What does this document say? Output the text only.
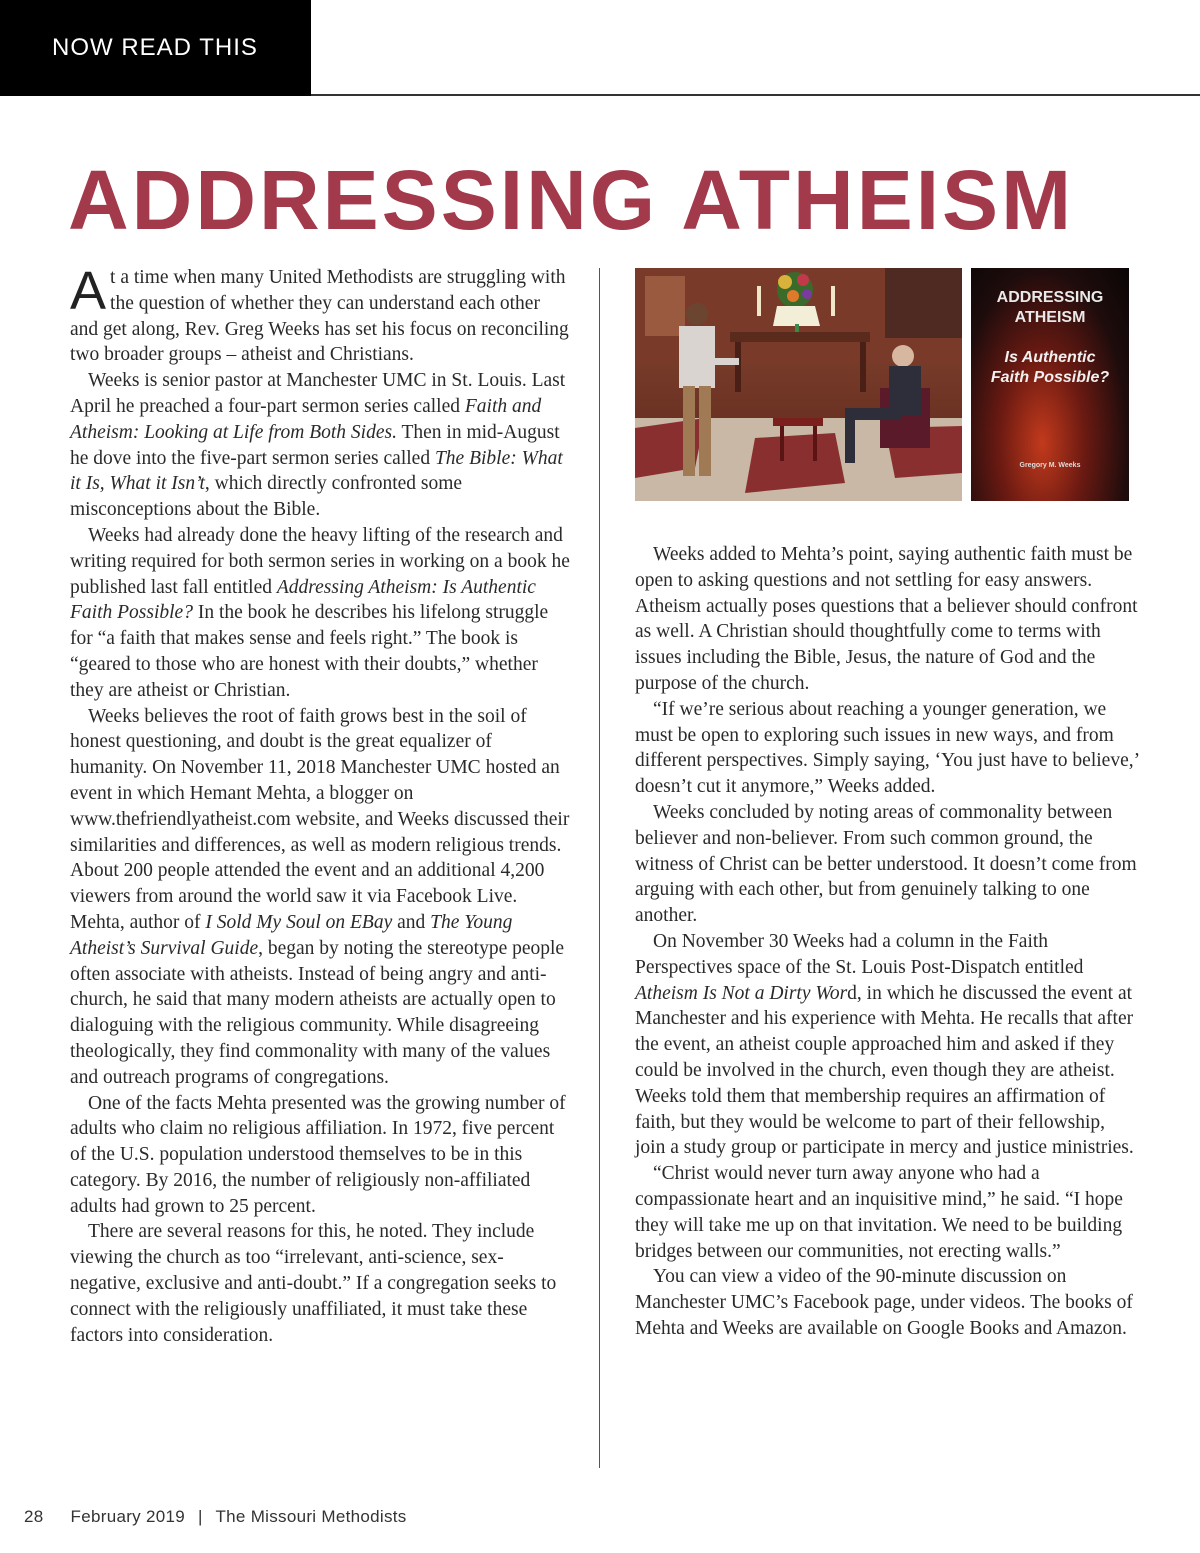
NOW READ THIS
ADDRESSING ATHEISM

At a time when many United Methodists are struggling with the question of whether they can understand each other and get along, Rev. Greg Weeks has set his focus on reconciling two broader groups – atheist and Christians.

Weeks is senior pastor at Manchester UMC in St. Louis. Last April he preached a four-part sermon series called Faith and Atheism: Looking at Life from Both Sides. Then in mid-August he dove into the five-part sermon series called The Bible: What it Is, What it Isn’t, which directly confronted some misconceptions about the Bible.

Weeks had already done the heavy lifting of the research and writing required for both sermon series in working on a book he published last fall entitled Addressing Atheism: Is Authentic Faith Possible? In the book he describes his lifelong struggle for “a faith that makes sense and feels right.” The book is “geared to those who are honest with their doubts,” whether they are atheist or Christian.

Weeks believes the root of faith grows best in the soil of honest questioning, and doubt is the great equalizer of humanity. On November 11, 2018 Manchester UMC hosted an event in which Hemant Mehta, a blogger on www.thefriendlyatheist.com website, and Weeks discussed their similarities and differences, as well as modern religious trends. About 200 people attended the event and an additional 4,200 viewers from around the world saw it via Facebook Live.

Mehta, author of I Sold My Soul on EBay and The Young Atheist’s Survival Guide, began by noting the stereotype people often associate with atheists. Instead of being angry and anti-church, he said that many modern atheists are actually open to dialoguing with the religious community. While disagreeing theologically, they find commonality with many of the values and outreach programs of congregations.

One of the facts Mehta presented was the growing number of adults who claim no religious affiliation. In 1972, five percent of the U.S. population understood themselves to be in this category. By 2016, the number of religiously non-affiliated adults had grown to 25 percent.

There are several reasons for this, he noted. They include viewing the church as too “irrelevant, anti-science, sex-negative, exclusive and anti-doubt.” If a congregation seeks to connect with the religiously unaffiliated, it must take these factors into consideration.

ADDRESSING
ATHEISM
Is Authentic
Faith Possible?
Gregory M. Weeks

Weeks added to Mehta’s point, saying authentic faith must be open to asking questions and not settling for easy answers. Atheism actually poses questions that a believer should confront as well. A Christian should thoughtfully come to terms with issues including the Bible, Jesus, the nature of God and the purpose of the church.

“If we’re serious about reaching a younger generation, we must be open to exploring such issues in new ways, and from different perspectives. Simply saying, ‘You just have to believe,’ doesn’t cut it anymore,” Weeks added.

Weeks concluded by noting areas of commonality between believer and non-believer. From such common ground, the witness of Christ can be better understood. It doesn’t come from arguing with each other, but from genuinely talking to one another.

On November 30 Weeks had a column in the Faith Perspectives space of the St. Louis Post-Dispatch entitled Atheism Is Not a Dirty Word, in which he discussed the event at Manchester and his experience with Mehta. He recalls that after the event, an atheist couple approached him and asked if they could be involved in the church, even though they are atheist. Weeks told them that membership requires an affirmation of faith, but they would be welcome to part of their fellowship, join a study group or participate in mercy and justice ministries.

“Christ would never turn away anyone who had a compassionate heart and an inquisitive mind,” he said. “I hope they will take me up on that invitation. We need to be building bridges between our communities, not erecting walls.”

You can view a video of the 90-minute discussion on Manchester UMC’s Facebook page, under videos. The books of Mehta and Weeks are available on Google Books and Amazon.

28 February 2019 | The Missouri Methodists
